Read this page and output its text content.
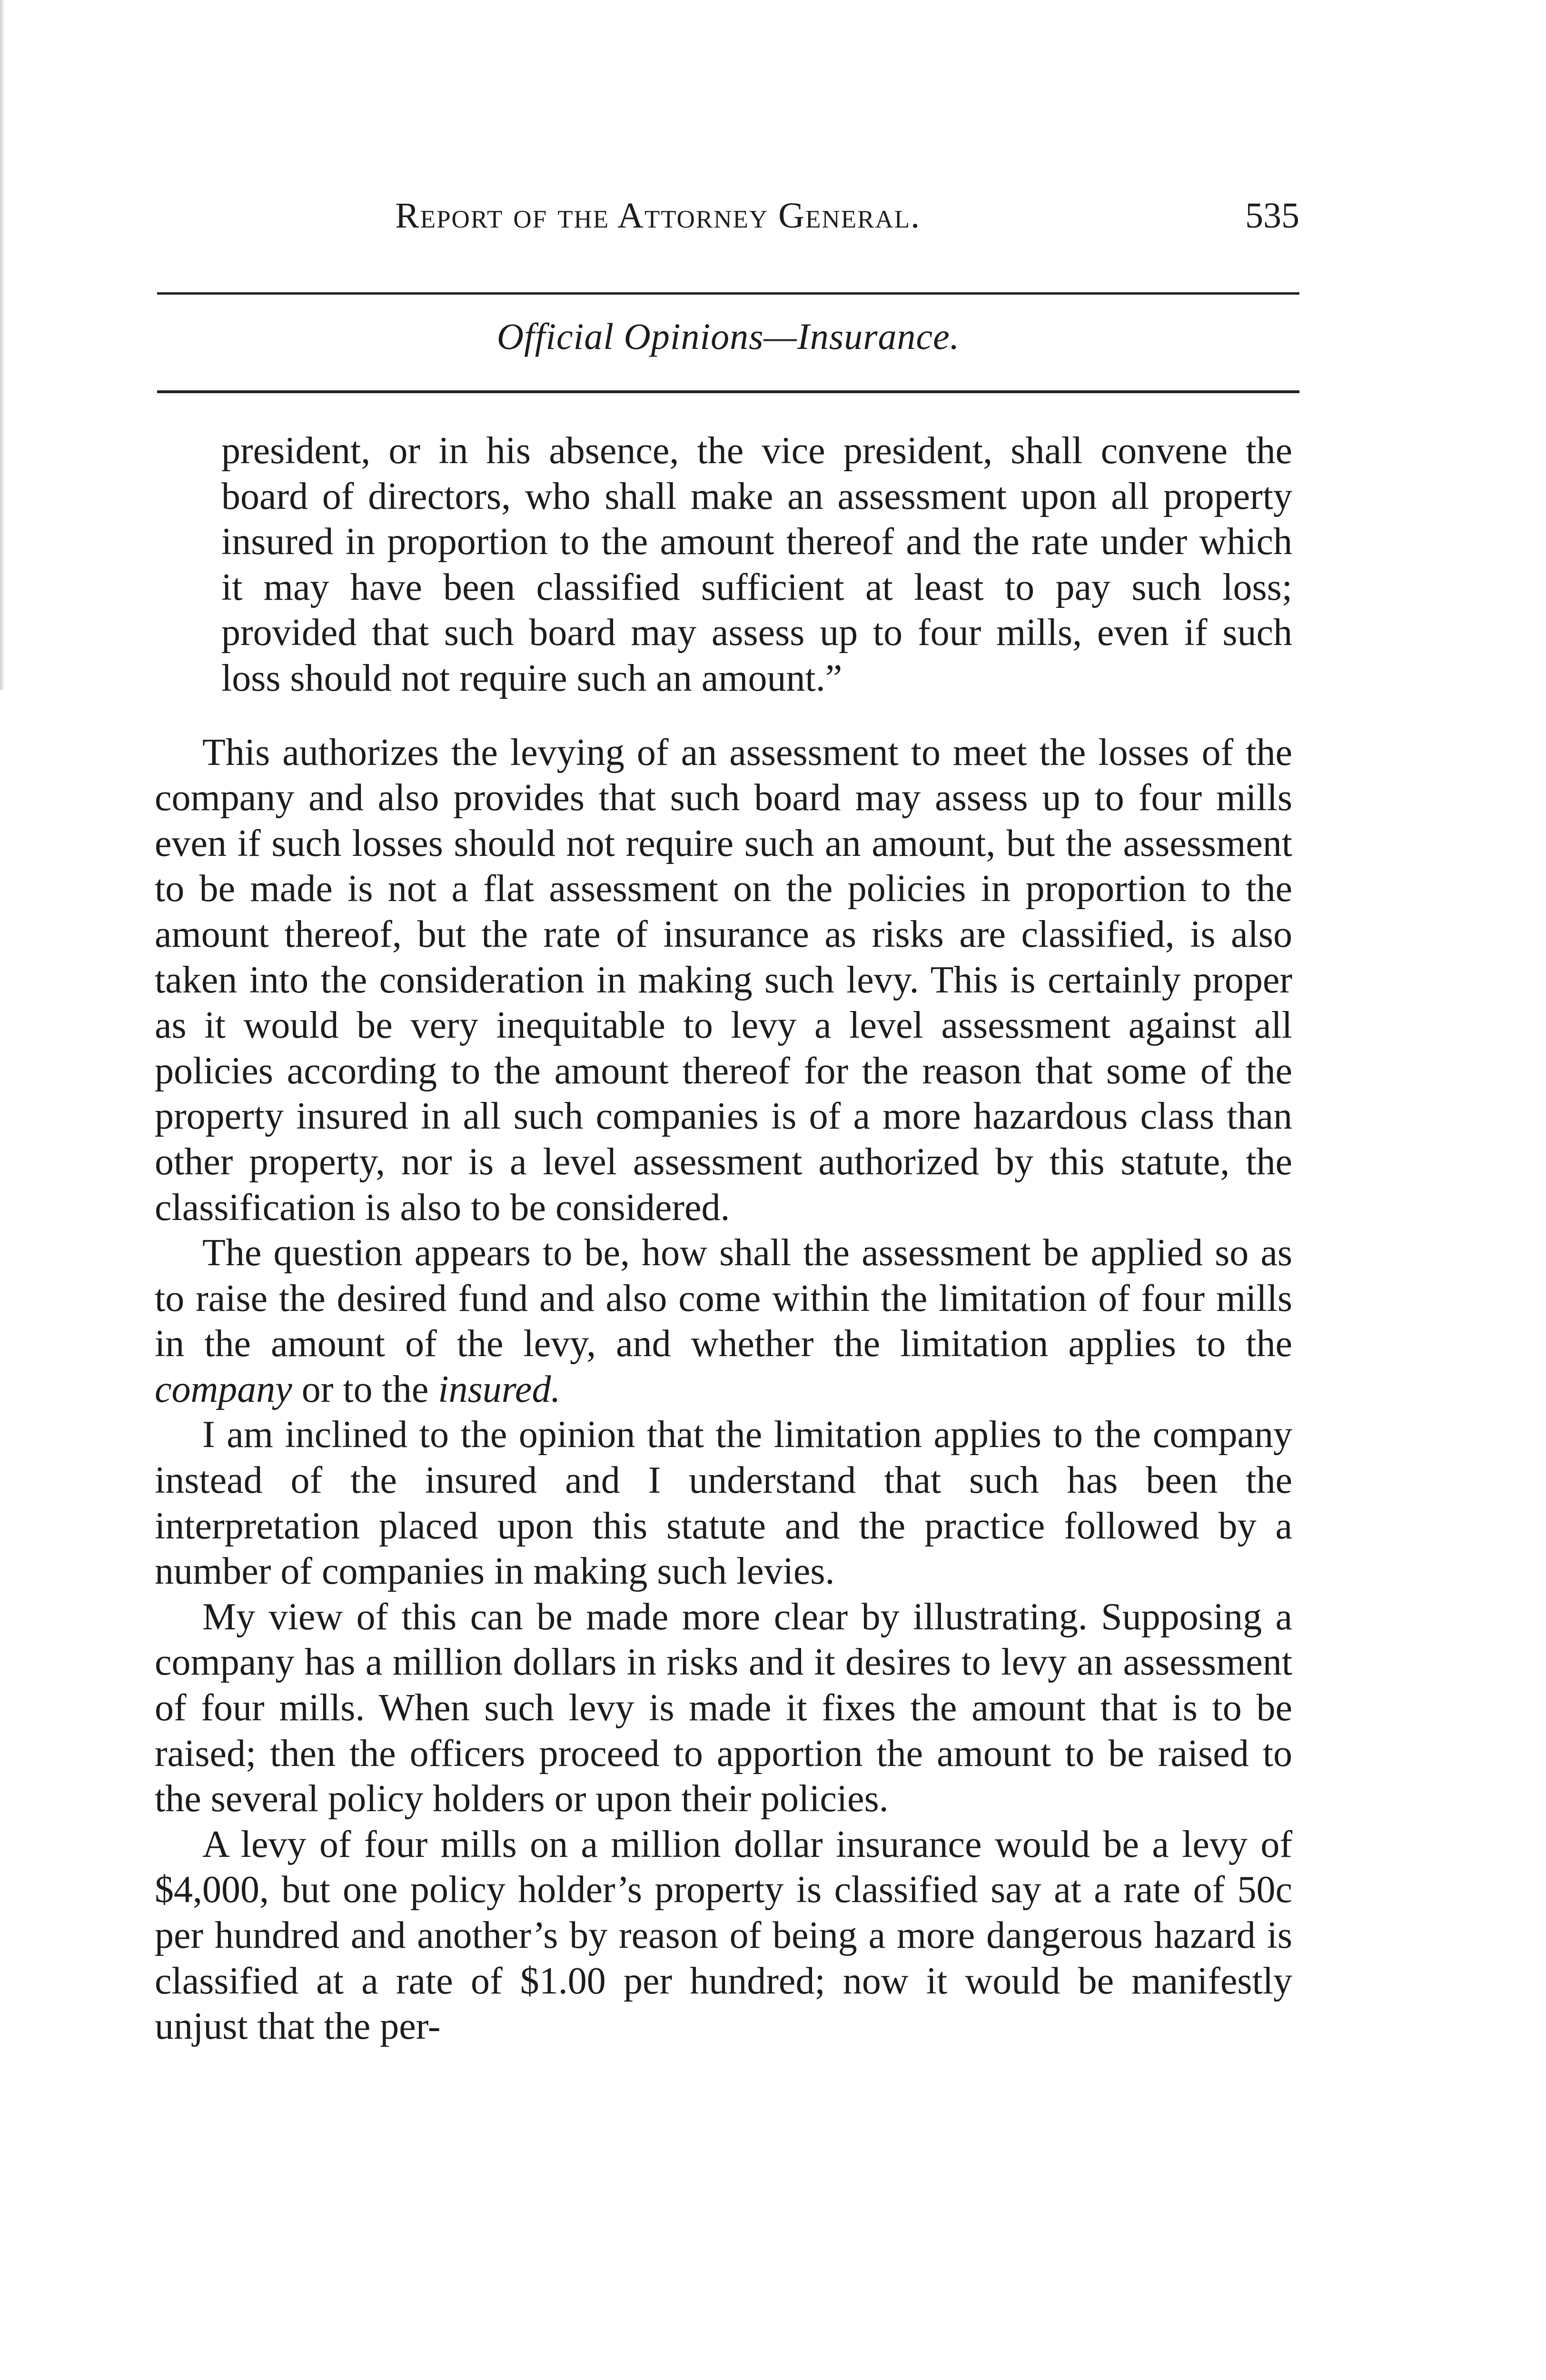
Report of the Attorney General.	535
Official Opinions—Insurance.

president, or in his absence, the vice president, shall convene the board of directors, who shall make an assessment upon all property insured in proportion to the amount thereof and the rate under which it may have been classified sufficient at least to pay such loss; provided that such board may assess up to four mills, even if such loss should not require such an amount.”

This authorizes the levying of an assessment to meet the losses of the company and also provides that such board may assess up to four mills even if such losses should not require such an amount, but the assessment to be made is not a flat assessment on the policies in proportion to the amount thereof, but the rate of insurance as risks are classified, is also taken into the consideration in making such levy. This is certainly proper as it would be very inequitable to levy a level assessment against all policies according to the amount thereof for the reason that some of the property insured in all such companies is of a more hazardous class than other property, nor is a level assessment authorized by this statute, the classification is also to be considered.

The question appears to be, how shall the assessment be applied so as to raise the desired fund and also come within the limitation of four mills in the amount of the levy, and whether the limitation applies to the company or to the insured.

I am inclined to the opinion that the limitation applies to the company instead of the insured and I understand that such has been the interpretation placed upon this statute and the practice followed by a number of companies in making such levies.

My view of this can be made more clear by illustrating. Supposing a company has a million dollars in risks and it desires to levy an assessment of four mills. When such levy is made it fixes the amount that is to be raised; then the officers proceed to apportion the amount to be raised to the several policy holders or upon their policies.

A levy of four mills on a million dollar insurance would be a levy of $4,000, but one policy holder’s property is classified say at a rate of 50c per hundred and another’s by reason of being a more dangerous hazard is classified at a rate of $1.00 per hundred; now it would be manifestly unjust that the per-
